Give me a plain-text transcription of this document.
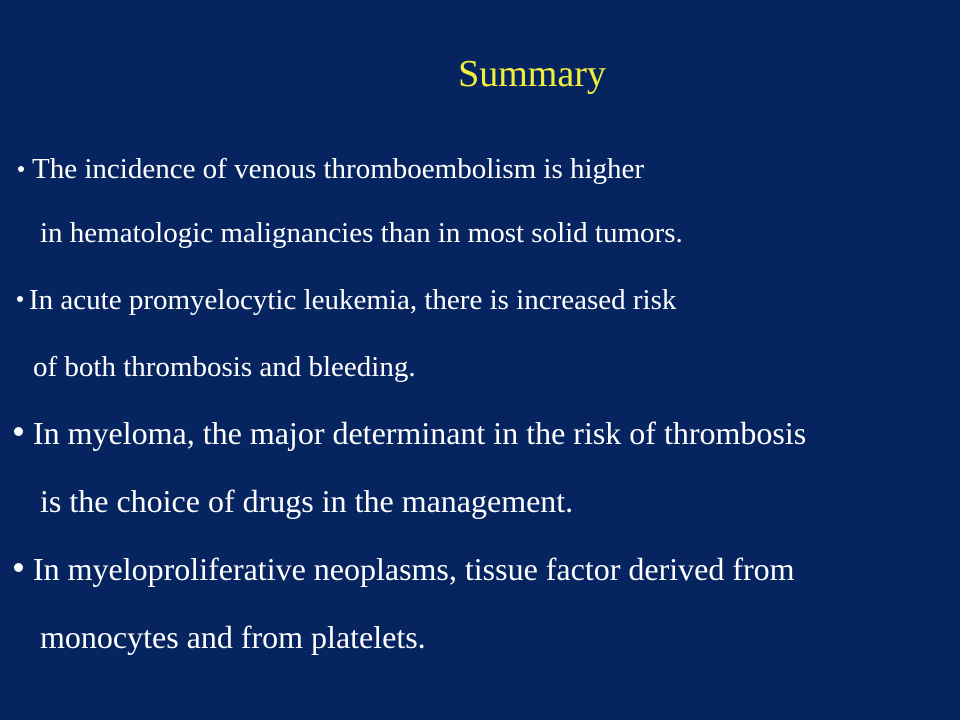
Summary

The incidence of venous thromboembolism is higher

in hematologic malignancies than in most solid tumors.

In acute promyelocytic leukemia, there is increased risk

of both thrombosis and bleeding.

In myeloma, the major determinant in the risk of thrombosis

is the choice of drugs in the management.

In myeloproliferative neoplasms, tissue factor derived from

monocytes and from platelets.
